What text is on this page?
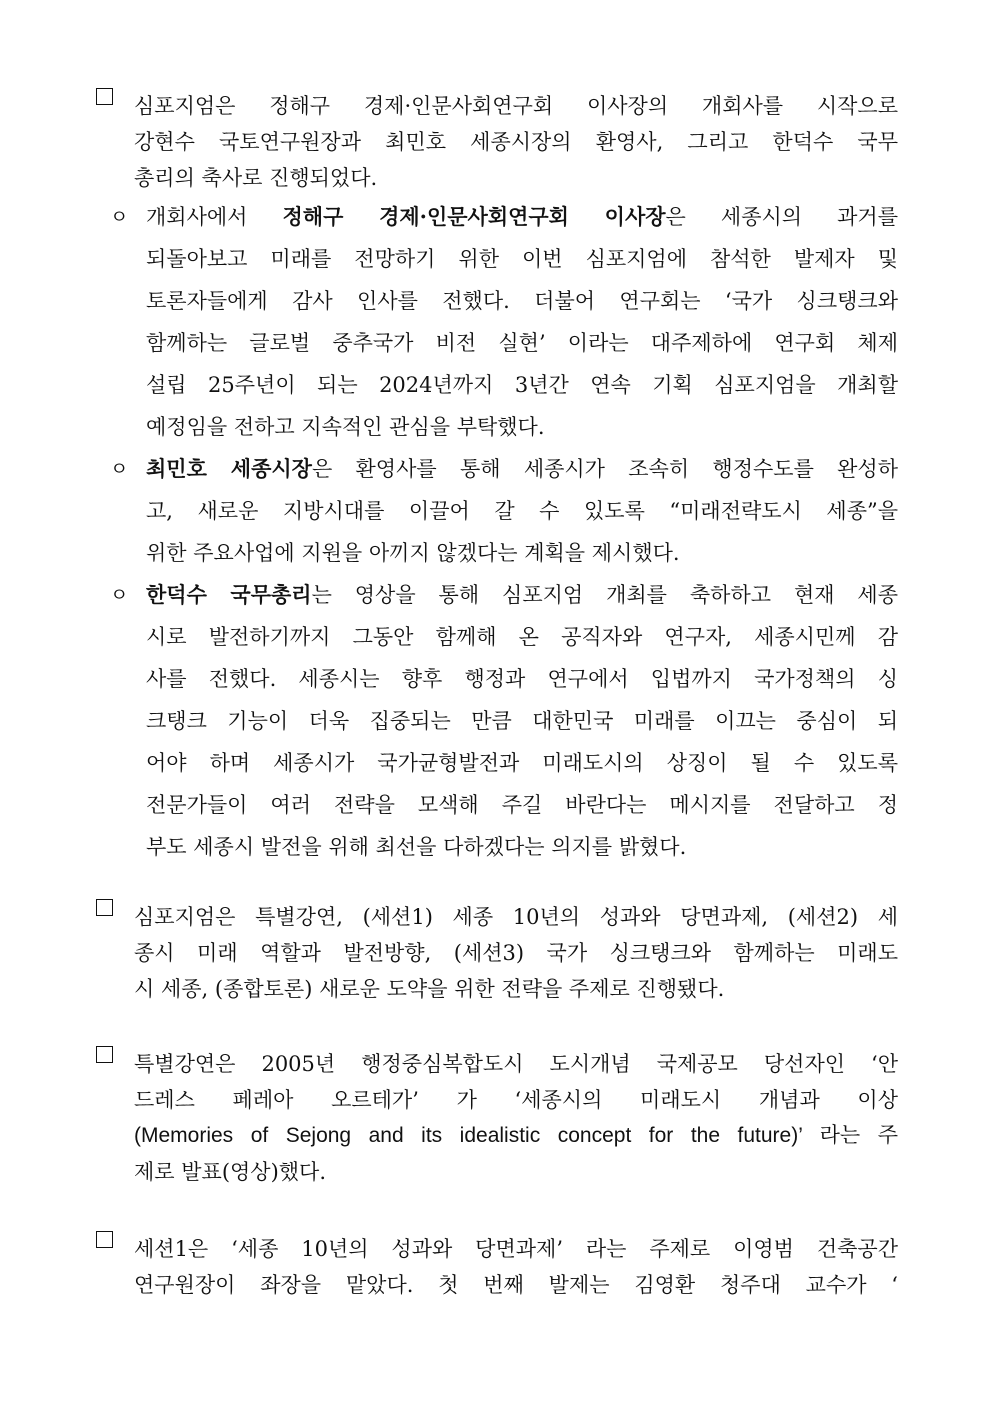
심포지엄은 정해구 경제·인문사회연구회 이사장의 개회사를 시작으로
강현수 국토연구원장과 최민호 세종시장의 환영사, 그리고 한덕수 국무
총리의 축사로 진행되었다.
ㅇ 개회사에서 정해구 경제·인문사회연구회 이사장은 세종시의 과거를
되돌아보고 미래를 전망하기 위한 이번 심포지엄에 참석한 발제자 및
토론자들에게 감사 인사를 전했다. 더불어 연구회는 ‘국가 싱크탱크와
함께하는 글로벌 중추국가 비전 실현’ 이라는 대주제하에 연구회 체제
설립 25주년이 되는 2024년까지 3년간 연속 기획 심포지엄을 개최할
예정임을 전하고 지속적인 관심을 부탁했다.
ㅇ 최민호 세종시장은 환영사를 통해 세종시가 조속히 행정수도를 완성하
고, 새로운 지방시대를 이끌어 갈 수 있도록 “미래전략도시 세종”을
위한 주요사업에 지원을 아끼지 않겠다는 계획을 제시했다.
ㅇ 한덕수 국무총리는 영상을 통해 심포지엄 개최를 축하하고 현재 세종
시로 발전하기까지 그동안 함께해 온 공직자와 연구자, 세종시민께 감
사를 전했다. 세종시는 향후 행정과 연구에서 입법까지 국가정책의 싱
크탱크 기능이 더욱 집중되는 만큼 대한민국 미래를 이끄는 중심이 되
어야 하며 세종시가 국가균형발전과 미래도시의 상징이 될 수 있도록
전문가들이 여러 전략을 모색해 주길 바란다는 메시지를 전달하고 정
부도 세종시 발전을 위해 최선을 다하겠다는 의지를 밝혔다.
심포지엄은 특별강연, (세션1) 세종 10년의 성과와 당면과제, (세션2) 세
종시 미래 역할과 발전방향, (세션3) 국가 싱크탱크와 함께하는 미래도
시 세종, (종합토론) 새로운 도약을 위한 전략을 주제로 진행됐다.
특별강연은 2005년 행정중심복합도시 도시개념 국제공모 당선자인 ‘안
드레스 페레아 오르테가’ 가 ‘세종시의 미래도시 개념과 이상
(Memories of Sejong and its idealistic concept for the future)’ 라는 주
제로 발표(영상)했다.
세션1은 ‘세종 10년의 성과와 당면과제’ 라는 주제로 이영범 건축공간
연구원장이 좌장을 맡았다. 첫 번째 발제는 김영환 청주대 교수가 ‘
